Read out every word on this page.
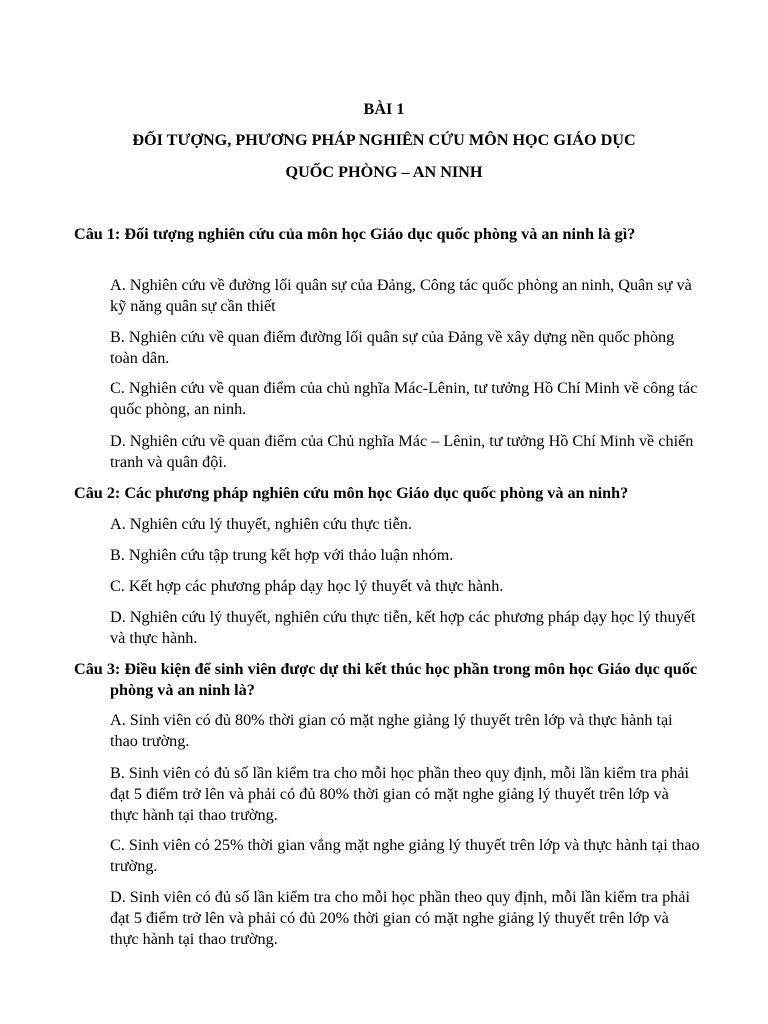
BÀI 1
ĐỐI TƯỢNG, PHƯƠNG PHÁP NGHIÊN CỨU MÔN HỌC GIÁO DỤC
QUỐC PHÒNG – AN NINH
Câu 1: Đối tượng nghiên cứu của môn học Giáo dục quốc phòng và an ninh là gì?
A. Nghiên cứu về đường lối quân sự của Đảng, Công tác quốc phòng an ninh, Quân sự và kỹ năng quân sự cần thiết
B. Nghiên cứu về quan điểm đường lối quân sự của Đảng về xây dựng nền quốc phòng toàn dân.
C. Nghiên cứu về quan điểm của chủ nghĩa Mác-Lênin, tư tưởng Hồ Chí Minh về công tác quốc phòng, an ninh.
D. Nghiên cứu về quan điểm của Chủ nghĩa Mác – Lênin, tư tưởng Hồ Chí Minh về chiến tranh và quân đội.
Câu 2: Các phương pháp nghiên cứu môn học Giáo dục quốc phòng và an ninh?
A. Nghiên cứu lý thuyết, nghiên cứu thực tiễn.
B. Nghiên cứu tập trung kết hợp với thảo luận nhóm.
C. Kết hợp các phương pháp dạy học lý thuyết và thực hành.
D. Nghiên cứu lý thuyết, nghiên cứu thực tiễn, kết hợp các phương pháp dạy học lý thuyết và thực hành.
Câu 3: Điều kiện để sinh viên được dự thi kết thúc học phần trong môn học Giáo dục quốc phòng và an ninh là?
A. Sinh viên có đủ 80% thời gian có mặt nghe giảng lý thuyết trên lớp và thực hành tại thao trường.
B. Sinh viên có đủ số lần kiểm tra cho mỗi học phần theo quy định, mỗi lần kiểm tra phải đạt 5 điểm trở lên và phải có đủ 80% thời gian có mặt nghe giảng lý thuyết trên lớp và thực hành tại thao trường.
C. Sinh viên có 25% thời gian vắng mặt nghe giảng lý thuyết trên lớp và thực hành tại thao trường.
D. Sinh viên có đủ số lần kiểm tra cho mỗi học phần theo quy định, mỗi lần kiểm tra phải đạt 5 điểm trở lên và phải có đủ 20% thời gian có mặt nghe giảng lý thuyết trên lớp và thực hành tại thao trường.
